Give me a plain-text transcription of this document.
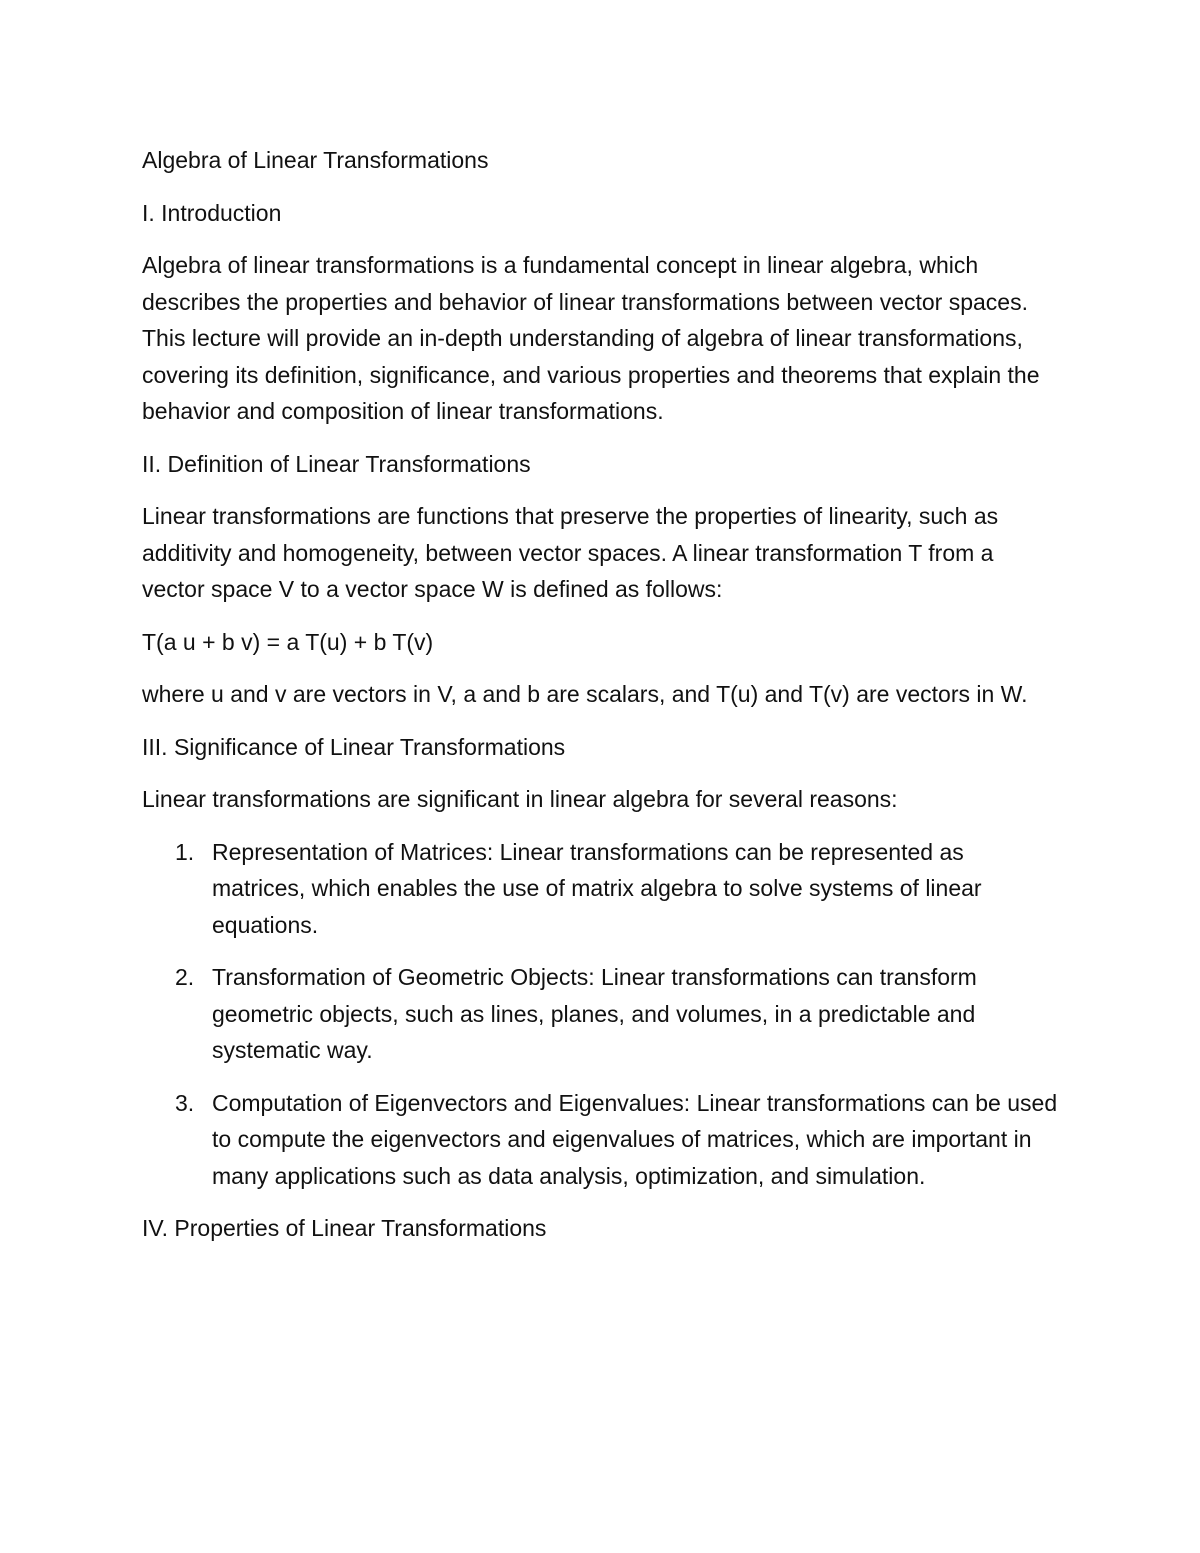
Algebra of Linear Transformations

I. Introduction

Algebra of linear transformations is a fundamental concept in linear algebra, which describes the properties and behavior of linear transformations between vector spaces. This lecture will provide an in-depth understanding of algebra of linear transformations, covering its definition, significance, and various properties and theorems that explain the behavior and composition of linear transformations.

II. Definition of Linear Transformations

Linear transformations are functions that preserve the properties of linearity, such as additivity and homogeneity, between vector spaces. A linear transformation T from a vector space V to a vector space W is defined as follows:

T(a u + b v) = a T(u) + b T(v)

where u and v are vectors in V, a and b are scalars, and T(u) and T(v) are vectors in W.

III. Significance of Linear Transformations

Linear transformations are significant in linear algebra for several reasons:

1. Representation of Matrices: Linear transformations can be represented as matrices, which enables the use of matrix algebra to solve systems of linear equations.
2. Transformation of Geometric Objects: Linear transformations can transform geometric objects, such as lines, planes, and volumes, in a predictable and systematic way.
3. Computation of Eigenvectors and Eigenvalues: Linear transformations can be used to compute the eigenvectors and eigenvalues of matrices, which are important in many applications such as data analysis, optimization, and simulation.

IV. Properties of Linear Transformations
